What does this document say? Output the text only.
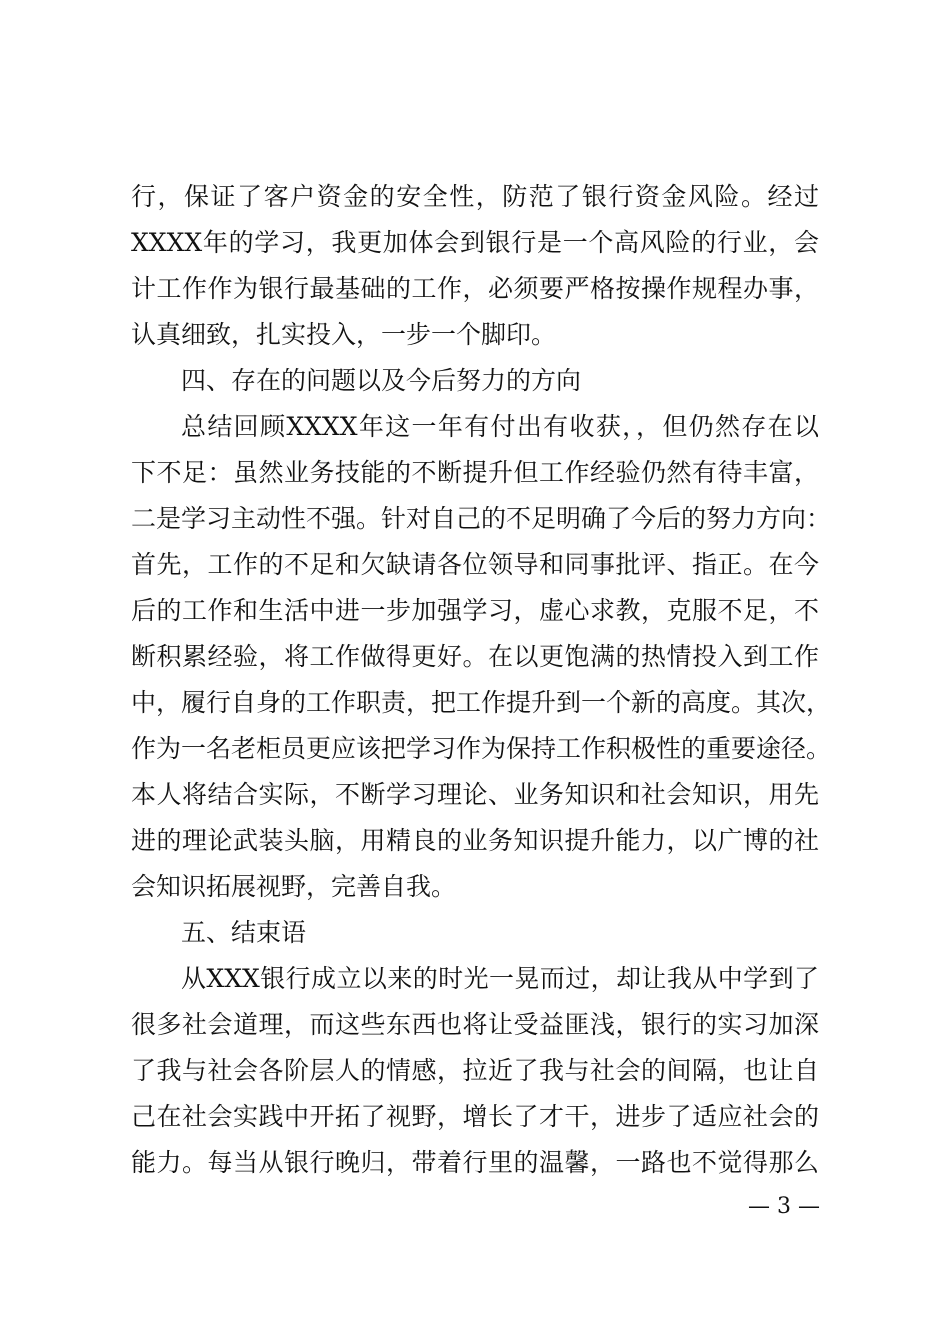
行，保证了客户资金的安全性，防范了银行资金风险。经过
XXXX年的学习，我更加体会到银行是一个高风险的行业，会
计工作作为银行最基础的工作，必须要严格按操作规程办事，
认真细致，扎实投入，一步一个脚印。
四、存在的问题以及今后努力的方向
总结回顾XXXX年这一年有付出有收获，，但仍然存在以
下不足：虽然业务技能的不断提升但工作经验仍然有待丰富，
二是学习主动性不强。针对自己的不足明确了今后的努力方向：
首先，工作的不足和欠缺请各位领导和同事批评、指正。在今
后的工作和生活中进一步加强学习，虚心求教，克服不足，不
断积累经验，将工作做得更好。在以更饱满的热情投入到工作
中，履行自身的工作职责，把工作提升到一个新的高度。其次，
作为一名老柜员更应该把学习作为保持工作积极性的重要途径。
本人将结合实际，不断学习理论、业务知识和社会知识，用先
进的理论武装头脑，用精良的业务知识提升能力，以广博的社
会知识拓展视野，完善自我。
五、结束语
从XXX银行成立以来的时光一晃而过，却让我从中学到了
很多社会道理，而这些东西也将让受益匪浅，银行的实习加深
了我与社会各阶层人的情感，拉近了我与社会的间隔，也让自
己在社会实践中开拓了视野，增长了才干，进步了适应社会的
能力。每当从银行晚归，带着行里的温馨，一路也不觉得那么
— 3 —
